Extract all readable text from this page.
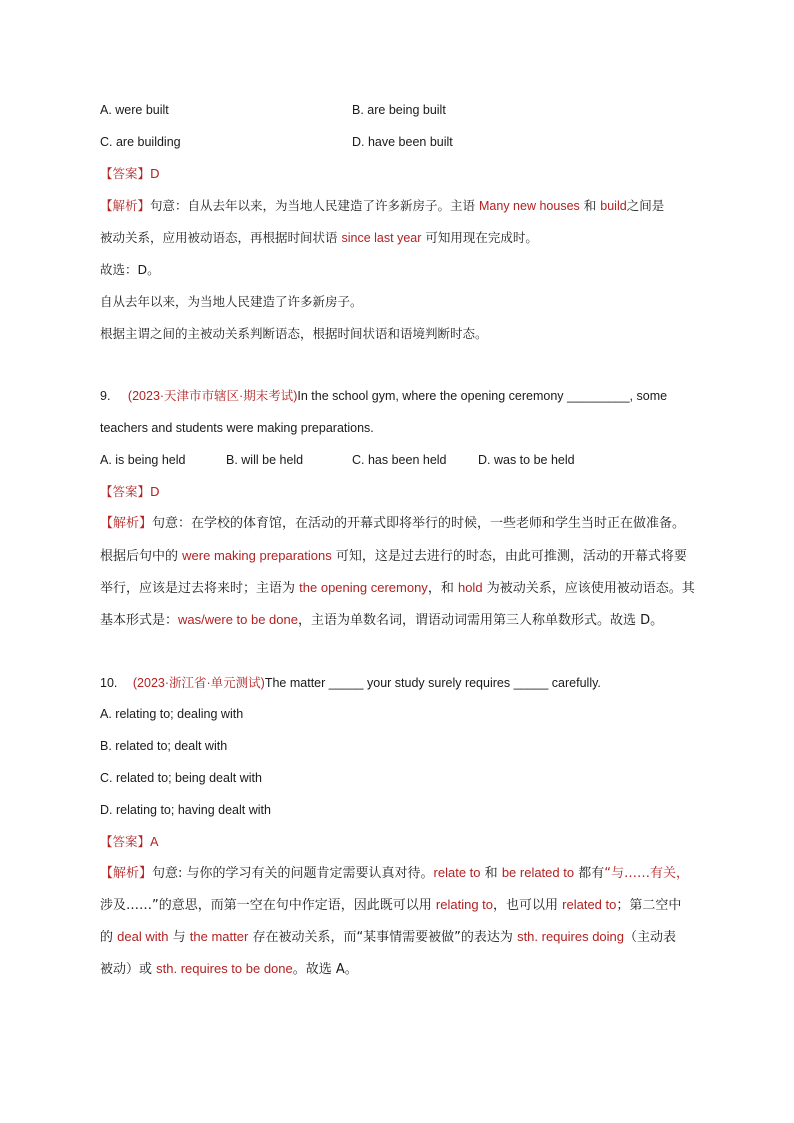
A. were built	B. are being built
C. are building	D. have been built
【答案】D
【解析】句意：自从去年以来，为当地人民建造了许多新房子。主语 Many new houses 和 build之间是
被动关系，应用被动语态，再根据时间状语 since last year 可知用现在完成时。
故选：D。
自从去年以来，为当地人民建造了许多新房子。
根据主谓之间的主被动关系判断语态，根据时间状语和语境判断时态。
9. (2023·天津市市辖区·期末考试)In the school gym, where the opening ceremony _________, some
teachers and students were making preparations.
A. is being held	B. will be held	C. has been held	D. was to be held
【答案】D
【解析】句意：在学校的体育馆，在活动的开幕式即将举行的时候，一些老师和学生当时正在做准备。
根据后句中的 were making preparations 可知，这是过去进行的时态，由此可推测，活动的开幕式将要
举行，应该是过去将来时；主语为 the opening ceremony，和 hold 为被动关系，应该使用被动语态。其
基本形式是：was/were to be done，主语为单数名词，谓语动词需用第三人称单数形式。故选 D。
10. (2023·浙江省·单元测试)The matter _____ your study surely requires _____ carefully.
A. relating to; dealing with
B. related to; dealt with
C. related to; being dealt with
D. relating to; having dealt with
【答案】A
【解析】句意: 与你的学习有关的问题肯定需要认真对待。relate to 和 be related to 都有“与……有关，
涉及……”的意思，而第一空在句中作定语，因此既可以用 relating to，也可以用 related to；第二空中
的 deal with 与 the matter 存在被动关系，而“某事情需要被做”的表达为 sth. requires doing（主动表
被动）或 sth. requires to be done。故选 A。
